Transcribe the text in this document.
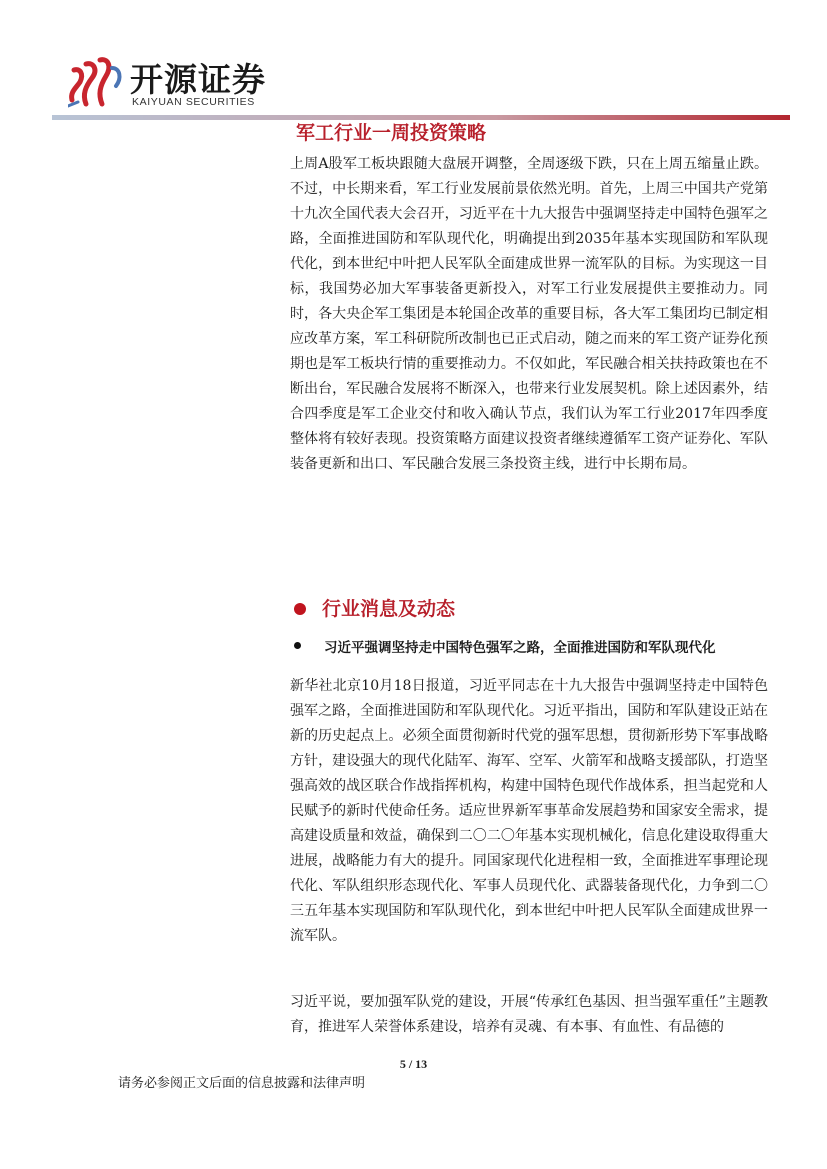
开源证券
KAIYUAN SECURITIES
军工行业一周投资策略

上周A股军工板块跟随大盘展开调整，全周逐级下跌，只在上周五缩量止跌。不过，中长期来看，军工行业发展前景依然光明。首先，上周三中国共产党第十九次全国代表大会召开，习近平在十九大报告中强调坚持走中国特色强军之路，全面推进国防和军队现代化，明确提出到2035年基本实现国防和军队现代化，到本世纪中叶把人民军队全面建成世界一流军队的目标。为实现这一目标，我国势必加大军事装备更新投入，对军工行业发展提供主要推动力。同时，各大央企军工集团是本轮国企改革的重要目标，各大军工集团均已制定相应改革方案，军工科研院所改制也已正式启动，随之而来的军工资产证券化预期也是军工板块行情的重要推动力。不仅如此，军民融合相关扶持政策也在不断出台，军民融合发展将不断深入，也带来行业发展契机。除上述因素外，结合四季度是军工企业交付和收入确认节点，我们认为军工行业2017年四季度整体将有较好表现。投资策略方面建议投资者继续遵循军工资产证券化、军队装备更新和出口、军民融合发展三条投资主线，进行中长期布局。

行业消息及动态
习近平强调坚持走中国特色强军之路，全面推进国防和军队现代化

新华社北京10月18日报道，习近平同志在十九大报告中强调坚持走中国特色强军之路，全面推进国防和军队现代化。习近平指出，国防和军队建设正站在新的历史起点上。必须全面贯彻新时代党的强军思想，贯彻新形势下军事战略方针，建设强大的现代化陆军、海军、空军、火箭军和战略支援部队，打造坚强高效的战区联合作战指挥机构，构建中国特色现代作战体系，担当起党和人民赋予的新时代使命任务。适应世界新军事革命发展趋势和国家安全需求，提高建设质量和效益，确保到二〇二〇年基本实现机械化，信息化建设取得重大进展，战略能力有大的提升。同国家现代化进程相一致，全面推进军事理论现代化、军队组织形态现代化、军事人员现代化、武器装备现代化，力争到二〇三五年基本实现国防和军队现代化，到本世纪中叶把人民军队全面建成世界一流军队。

习近平说，要加强军队党的建设，开展“传承红色基因、担当强军重任”主题教育，推进军人荣誉体系建设，培养有灵魂、有本事、有血性、有品德的

5 / 13
请务必参阅正文后面的信息披露和法律声明
